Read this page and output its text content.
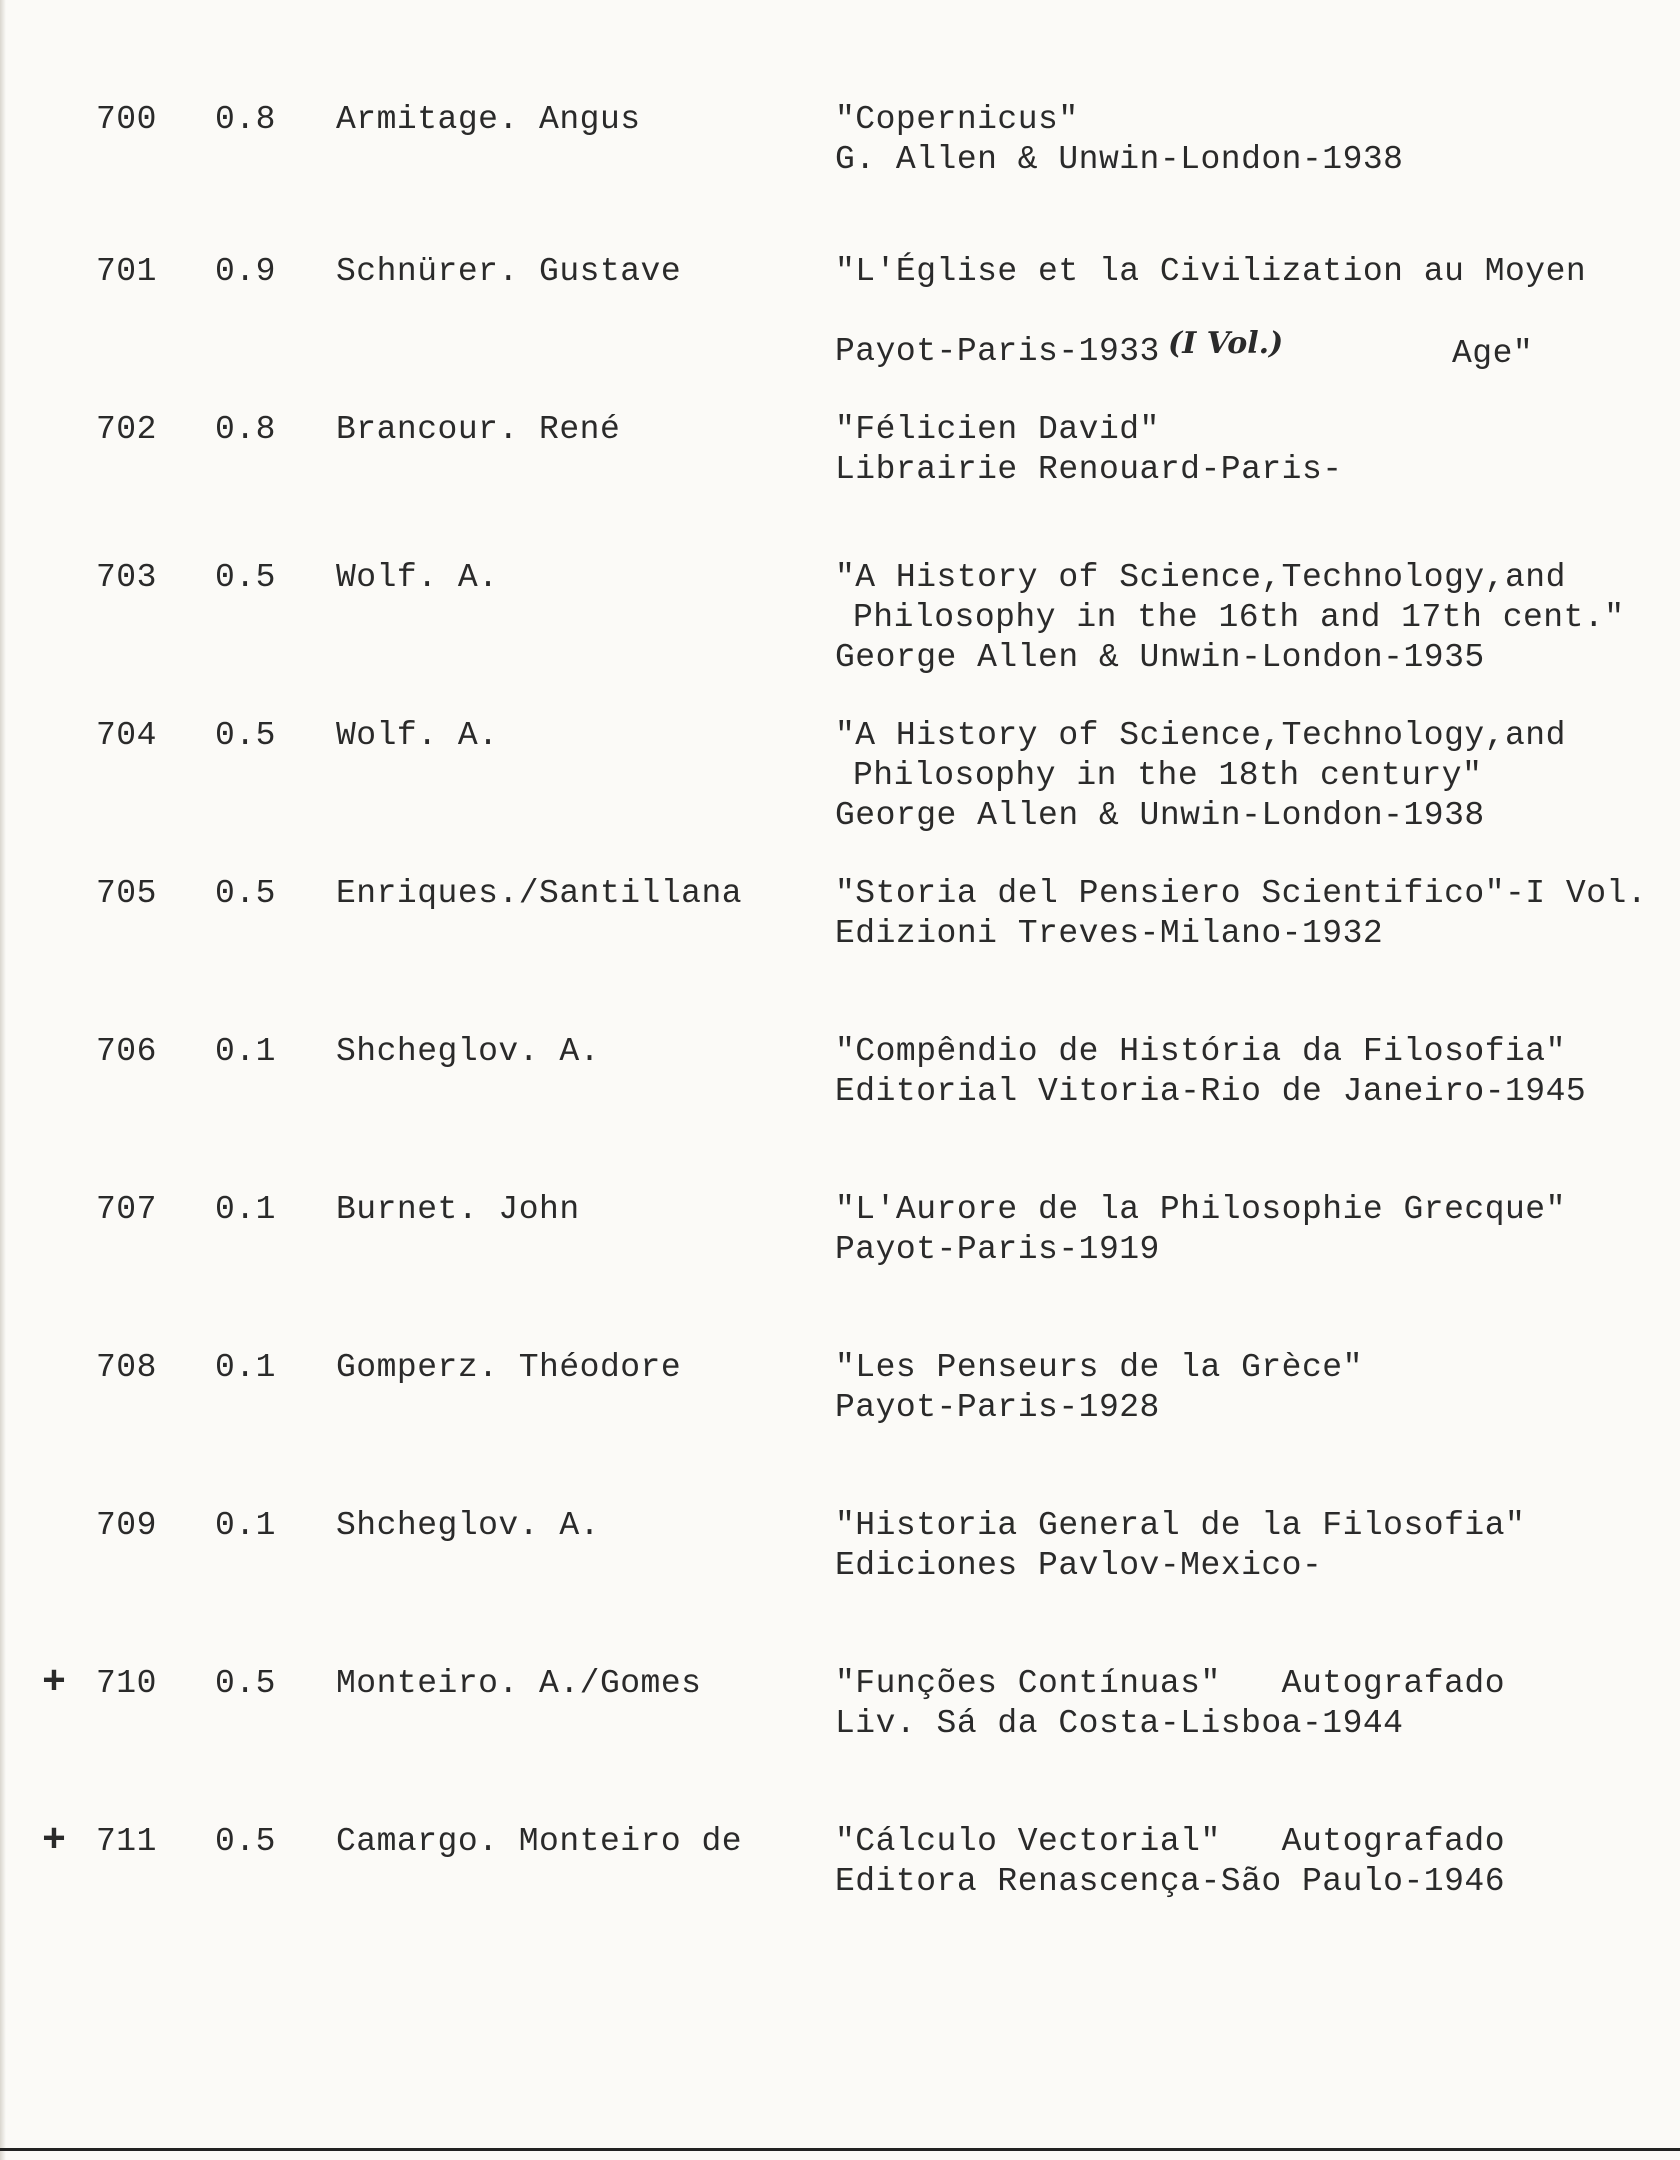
700 0.8 Armitage. Angus	"Copernicus"
G. Allen & Unwin-London-1938
701 0.9 Schnürer. Gustave	"L'Église et la Civilization au Moyen
(I Vol.)	Age"
Payot-Paris-1933
702 0.8 Brancour. René	"Félicien David"
Librairie Renouard-Paris-
703 0.5 Wolf. A.	"A History of Science,Technology,and
Philosophy in the 16th and 17th cent."
George Allen & Unwin-London-1935
704 0.5 Wolf. A.	"A History of Science,Technology,and
Philosophy in the 18th century"
George Allen & Unwin-London-1938
705 0.5 Enriques./Santillana	"Storia del Pensiero Scientifico"-I Vol.
Edizioni Treves-Milano-1932
706 0.1 Shcheglov. A.	"Compêndio de História da Filosofia"
Editorial Vitoria-Rio de Janeiro-1945
707 0.1 Burnet. John	"L'Aurore de la Philosophie Grecque"
Payot-Paris-1919
708 0.1 Gomperz. Théodore	"Les Penseurs de la Grèce"
Payot-Paris-1928
709 0.1 Shcheglov. A.	"Historia General de la Filosofia"
Ediciones Pavlov-Mexico-
+ 710 0.5 Monteiro. A./Gomes	"Funções Contínuas"   Autografado
Liv. Sá da Costa-Lisboa-1944
+ 711 0.5 Camargo. Monteiro de	"Cálculo Vectorial"   Autografado
Editora Renascença-São Paulo-1946
